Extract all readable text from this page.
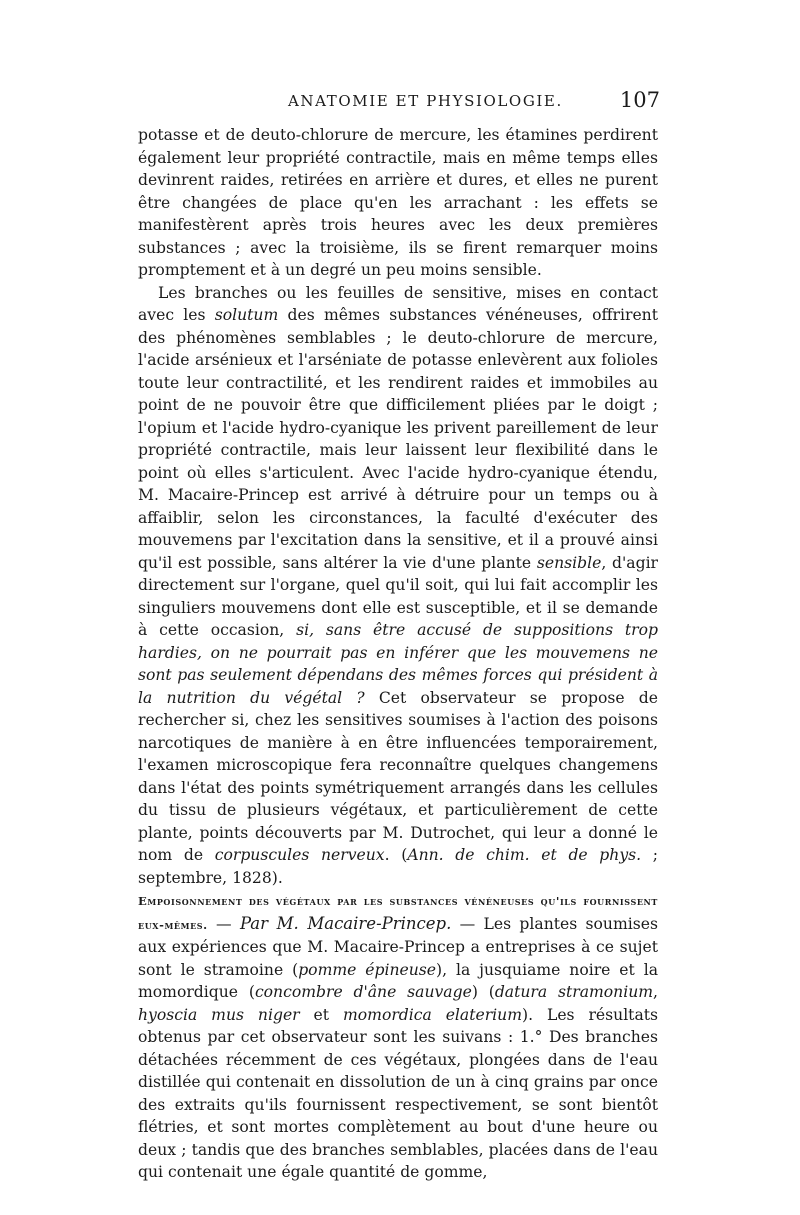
ANATOMIE ET PHYSIOLOGIE.	107

potasse et de deuto-chlorure de mercure, les étamines perdirent également leur propriété contractile, mais en même temps elles devinrent raides, retirées en arrière et dures, et elles ne purent être changées de place qu'en les arrachant : les effets se manifestèrent après trois heures avec les deux premières substances ; avec la troisième, ils se firent remarquer moins promptement et à un degré un peu moins sensible.

Les branches ou les feuilles de sensitive, mises en contact avec les solutum des mêmes substances vénéneuses, offrirent des phénomènes semblables ; le deuto-chlorure de mercure, l'acide arsénieux et l'arséniate de potasse enlevèrent aux folioles toute leur contractilité, et les rendirent raides et immobiles au point de ne pouvoir être que difficilement pliées par le doigt ; l'opium et l'acide hydro-cyanique les privent pareillement de leur propriété contractile, mais leur laissent leur flexibilité dans le point où elles s'articulent. Avec l'acide hydro-cyanique étendu, M. Macaire-Princep est arrivé à détruire pour un temps ou à affaiblir, selon les circonstances, la faculté d'exécuter des mouvemens par l'excitation dans la sensitive, et il a prouvé ainsi qu'il est possible, sans altérer la vie d'une plante sensible, d'agir directement sur l'organe, quel qu'il soit, qui lui fait accomplir les singuliers mouvemens dont elle est susceptible, et il se demande à cette occasion, si, sans être accusé de suppositions trop hardies, on ne pourrait pas en inférer que les mouvemens ne sont pas seulement dépendans des mêmes forces qui président à la nutrition du végétal ? Cet observateur se propose de rechercher si, chez les sensitives soumises à l'action des poisons narcotiques de manière à en être influencées temporairement, l'examen microscopique fera reconnaître quelques changemens dans l'état des points symétriquement arrangés dans les cellules du tissu de plusieurs végétaux, et particulièrement de cette plante, points découverts par M. Dutrochet, qui leur a donné le nom de corpuscules nerveux. (Ann. de chim. et de phys. ; septembre, 1828).

Empoisonnement des végétaux par les substances vénéneuses qu'ils fournissent eux-mêmes. — Par M. Macaire-Princep. — Les plantes soumises aux expériences que M. Macaire-Princep a entreprises à ce sujet sont le stramoine (pomme épineuse), la jusquiame noire et la momordique (concombre d'âne sauvage) (datura stramonium, hyoscia mus niger et momordica elaterium). Les résultats obtenus par cet observateur sont les suivans : 1.° Des branches détachées récemment de ces végétaux, plongées dans de l'eau distillée qui contenait en dissolution de un à cinq grains par once des extraits qu'ils fournissent respectivement, se sont bientôt flétries, et sont mortes complètement au bout d'une heure ou deux ; tandis que des branches semblables, placées dans de l'eau qui contenait une égale quantité de gomme,
